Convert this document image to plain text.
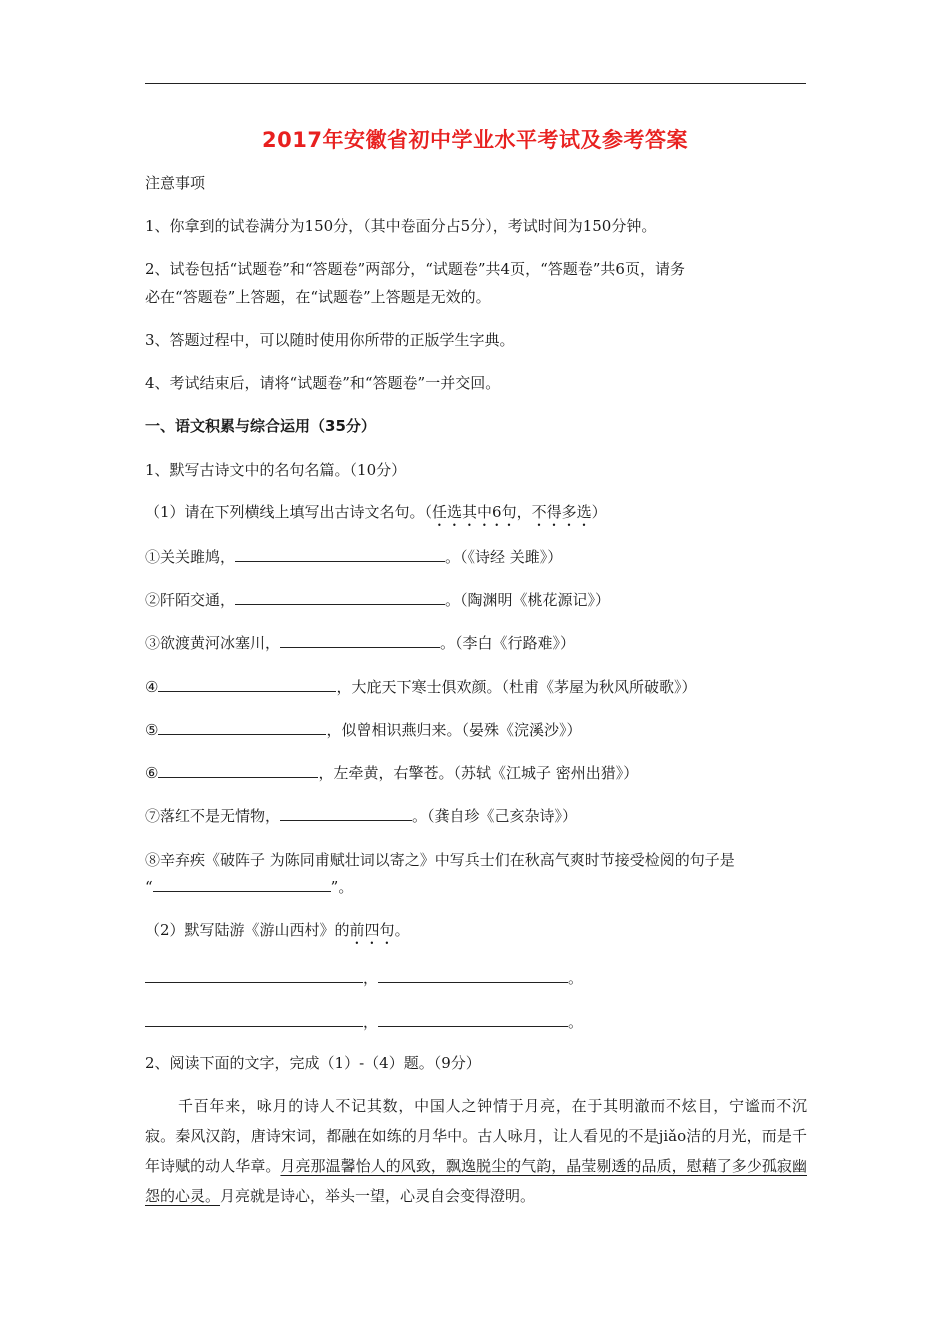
2017年安徽省初中学业水平考试及参考答案
注意事项
1、你拿到的试卷满分为150分，（其中卷面分占5分），考试时间为150分钟。
2、试卷包括“试题卷”和“答题卷”两部分，“试题卷”共4页，“答题卷”共6页，请务
必在“答题卷”上答题，在“试题卷”上答题是无效的。
3、答题过程中，可以随时使用你所带的正版学生字典。
4、考试结束后，请将“试题卷”和“答题卷”一并交回。
一、语文积累与综合运用（35分）
1、默写古诗文中的名句名篇。（10分）
（1）请在下列横线上填写出古诗文名句。（任选其中6句，不得多选）
①关关雎鸠，	。（《诗经 关雎》）
②阡陌交通，	。（陶渊明《桃花源记》）
③欲渡黄河冰塞川，	。（李白《行路难》）
④	，大庇天下寒士俱欢颜。（杜甫《茅屋为秋风所破歌》）
⑤	，似曾相识燕归来。（晏殊《浣溪沙》）
⑥	，左牵黄，右擎苍。（苏轼《江城子 密州出猎》）
⑦落红不是无情物，	。（龚自珍《己亥杂诗》）
⑧辛弃疾《破阵子 为陈同甫赋壮词以寄之》中写兵士们在秋高气爽时节接受检阅的句子是
“	”。
（2）默写陆游《游山西村》的前四句。
，	。
，	。
2、阅读下面的文字，完成（1）-（4）题。（9分）
千百年来，咏月的诗人不记其数，中国人之钟情于月亮，在于其明澈而不炫目，宁谧而不沉寂。秦风汉韵，唐诗宋词，都融在如练的月华中。古人咏月，让人看见的不是jiǎo洁的月光，而是千年诗赋的动人华章。月亮那温馨怡人的风致，飘逸脱尘的气韵，晶莹剔透的品质，慰藉了多少孤寂幽怨的心灵。月亮就是诗心，举头一望，心灵自会变得澄明。
